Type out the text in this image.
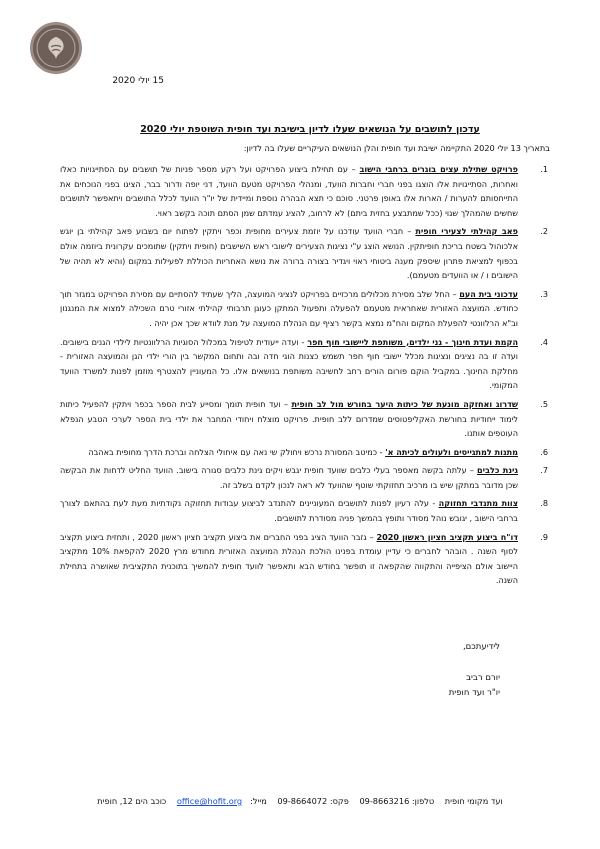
15 יולי 2020
עדכון לתושבים על הנושאים שעלו לדיון בישיבת ועד חופית השוטפת יולי 2020
בתאריך 13 יולי 2020 התקיימה ישיבת ועד חופית והלן הנושאים העיקריים שעלו בה לדיון:
1.
פרויקט שתילת עצים בוגרים ברחבי הישוב – עם תחילת ביצוע הפרויקט ועל רקע מספר פניות של תושבים עם הסתייגויות כאלו ואחרות, הסתייגויות אלו הוצגו בפני חברי וחברות הוועד, ומנהלי הפרויקט מטעם הוועד, דני יופה ודרור בבר, הציגו בפני הנוכחים את התייחסותם להערות / הארות אלו באופן פרטני. סוכם כי תצא הבהרה נוספת ומיידית של יו"ר הוועד לכלל התושבים ויתאפשר לתושבים שחשים שהמהלך שגוי (ככל שמתבצע בחזית ביתם) לא לרחוב, להציג עמדתם שמן הסתם תוכה בקשב ראוי.
2.
פאב קהילתי לצעירי חופית – חברי הוועד עודכנו על יוזמת צעירים מחופית וכפר ויתקין לפתוח יום בשבוע פאב קהילתי בן יוגש אלכוהול בשטח בריכת חופיתקין. הנושא הוצג ע"י נציגות הצעירים לישובי ראש השישבים (חופית ויתקין) שתומכים עקרונית ביוזמה אולם בכפוף למציאת פתרון שיספק מענה ביטוחי ראוי ויגדיר בצורה ברורה את נושא האחריות הכוללת לפעילות במקום (והיא לא תהיה של הישובים ו / או הוועדים מטעמם).
3.
עדכוני בית העם – החל שלב מסירת מכלולים מרכזיים בפרויקט לנציגי המועצה, הליך שעתיד להסתיים עם מסירת הפרויקט במגזר תוך כחודש. המועצה האזורית שאחראית מטעמם להפעלה ותפעול המתקן כעוגן תרבותי קהילתי אזורי טרם השכילה למצוא את המנגנון וב"א הרלוונטי להפעלת המקום והח"מ נמצא בקשר רציף עם הנהלת המועצה על מנת לוודא שכך אכן יהיה .
4.
הקמת ועדת חינוך - גני ילדים, משותפת ליישובי חוף חפר - ועדה ייעודית לטיפול במכלול הסוגיות הרלוונטיות לילדי הגנים בישובים. ועדה זו בה נציגים ונציגות מכלל יישובי חוף חפר תשמש כצנות הוגי חדה ובה ותחום המקשר בין הורי ילדי הגן והמועצה האזורית - מחלקת החינוך. במקביל הוקם פורום הורים רחב לחשיבה משותפת בנושאים אלו. כל המעוניין להצטרף מוזמן לפנות למשרד הוועד המקומי.
5.
שדרוג ואחזקה מונעת של כיתות היער בחורש מול לב חופית – ועד חופית תומך ומסייע לבית הספר בכפר ויתקין להפעיל כיתות לימוד ייחודיות בחורשת האקליפטוסים שמדרום ללב חופית. פרויקט מוצלח ויחודי המחבר את ילדי בית הספר לערכי הטבע הנפלא העוטפים אותנו.
6.
מתנות למתגייסים ולעולים לכיתה א' - כמיטב המסורת נרכש ויחולק שי נאה עם איחולי הצלחה וברכת הדרך מחופית באהבה
7.
גינת כלבים – עלתה בקשה מאספר בעלי כלבים שוועד חופית יגבש ויקים גינת כלבים סגורה בישוב. הוועד החליט לדחות את הבקשה שכן מדובר במתקן שיש בו מרכיב תחזוקתי שוטף שהוועד לא ראה לנכון לקדם בשלב זה.
8.
צוות מתנדבי תחזוקה - עלה רעיון לפנות לתושבים המעוניינים להתנדב לביצוע עבודות תחזוקה נקודתיות מעת לעת בהתאם לצורך ברחבי הישוב , יגובש נוהל מסודר ותופץ בהמשך פניה מסודרת לתושבים.
9.
דו"ח ביצוע תקציב חציון ראשון 2020 – גזבר הוועד הציג בפני החברים את ביצוע תקציב חציון ראשון 2020 , ותחזית ביצוע תקציב לסוף השנה . הובהר לחברים כי עדיין עומדת בפנינו הולכת הנהלת המועצה האזורית מחודש מרץ 2020 להקפאת 10% מתקציב היישוב אולם הציפייה והתקווה שהקפאה זו תופשר בחודש הבא ותאפשר לוועד חופית להמשיך בתוכנית התקציבית שאושרה בתחילת השנה.
לידיעתכם,
יורם רביב
יו"ר ועד חופית
ועד מקומי חופית טלפון: 09-8663216 פקס: 09-8664072 מייל:office@hofit.org כוכב הים 12, חופית
